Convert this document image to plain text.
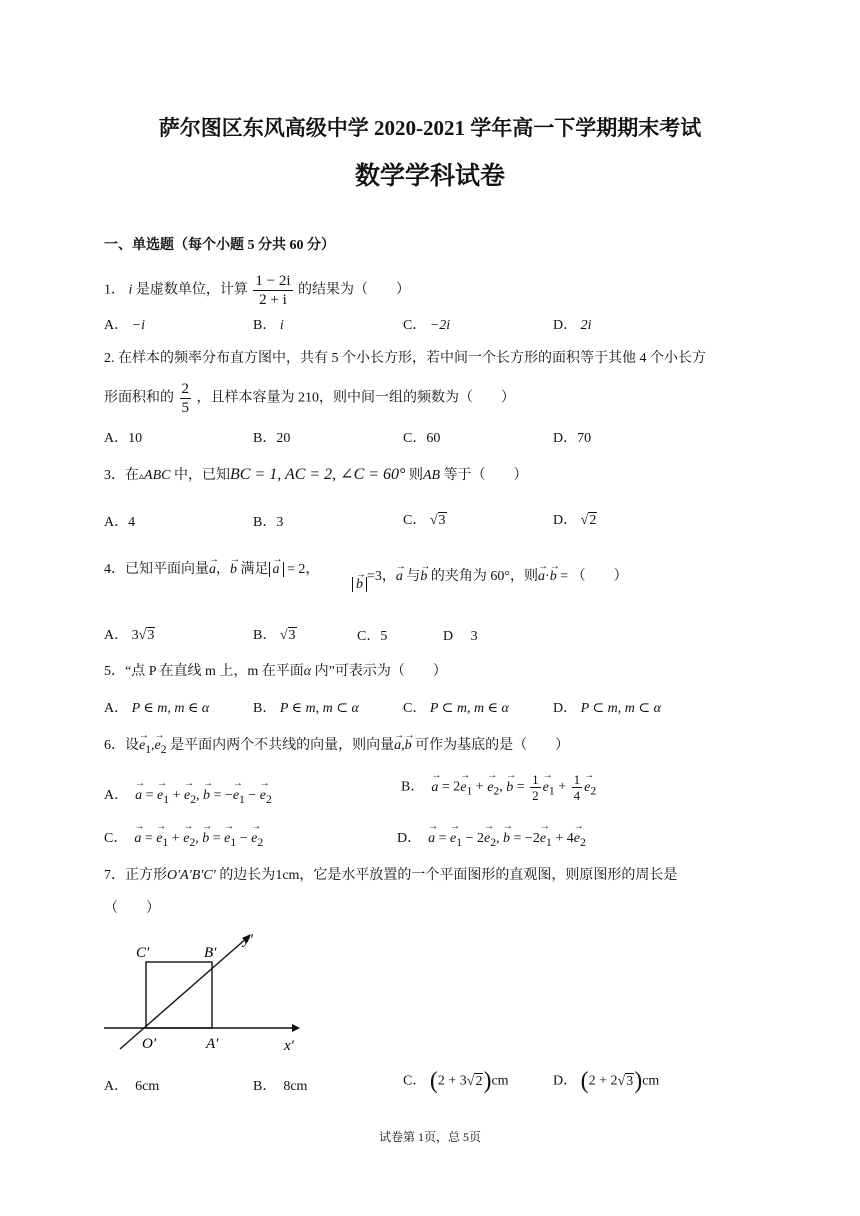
萨尔图区东风高级中学 2020-2021 学年高一下学期期末考试
数学学科试卷
一、单选题（每个小题 5 分共 60 分）
1． i 是虚数单位，计算 $\frac{1 - 2i}{2 + i}$ 的结果为（　　）
A． −i	B． i	C． −2i	D． 2i
2. 在样本的频率分布直方图中，共有 5 个小长方形，若中间一个长方形的面积等于其他 4 个小长方
形面积和的 $\frac{2}{5}$ ，且样本容量为 210，则中间一组的频数为（　　）
A．10	B．20	C．60	D．70
3．在▵ABC 中，已知BC = 1, AC = 2, ∠C = 60° 则AB 等于（　　）
A．4	B．3	C． √3	D． √2
4．已知平面向量→ a，→ b 满足→ a = 2，
→ b=3，→ a 与→ b 的夹角为 60°，则→ a·→ b = （　　）
A． 3√3	B． √3	C．5	D　 3
5．“点 P 在直线 m 上，m 在平面α 内”可表示为（　　）
A． P ∈ m, m ∈ α	B． P ∈ m, m ⊂ α	C． P ⊂ m, m ∈ α	D． P ⊂ m, m ⊂ α
6．设→ $e_1,\to e_2$ 是平面内两个不共线的向量，则向量→ a,→ b 可作为基底的是（　　）
A．  → a = → $e_1$ + → $e_2$, → b = −→ $e_1$ − → $e_2$
B．  → $a = 2\to e_1$ + → $e_2$, → $b = \frac{1}{2}$
→ $e_1 + \frac{1}{4}$
→ $e_2$
C．  → a = → $e_1$ + → $e_2$, → b = → $e_1$ − → $e_2$	D．  → a = → $e_1 - 2\to e_2$, → $b = -2\to e_1 + 4\to e_2$
7．正方形O′A′B′C′ 的边长为1cm，它是水平放置的一个平面图形的直观图，则原图形的周长是
（　　）
C′	B′
y′
O′	A′	x′
A．　6cm	B．　8cm	C． (2 + 3√2)cm	D． (2 + 2√3)cm
试卷第 1页，总 5页
